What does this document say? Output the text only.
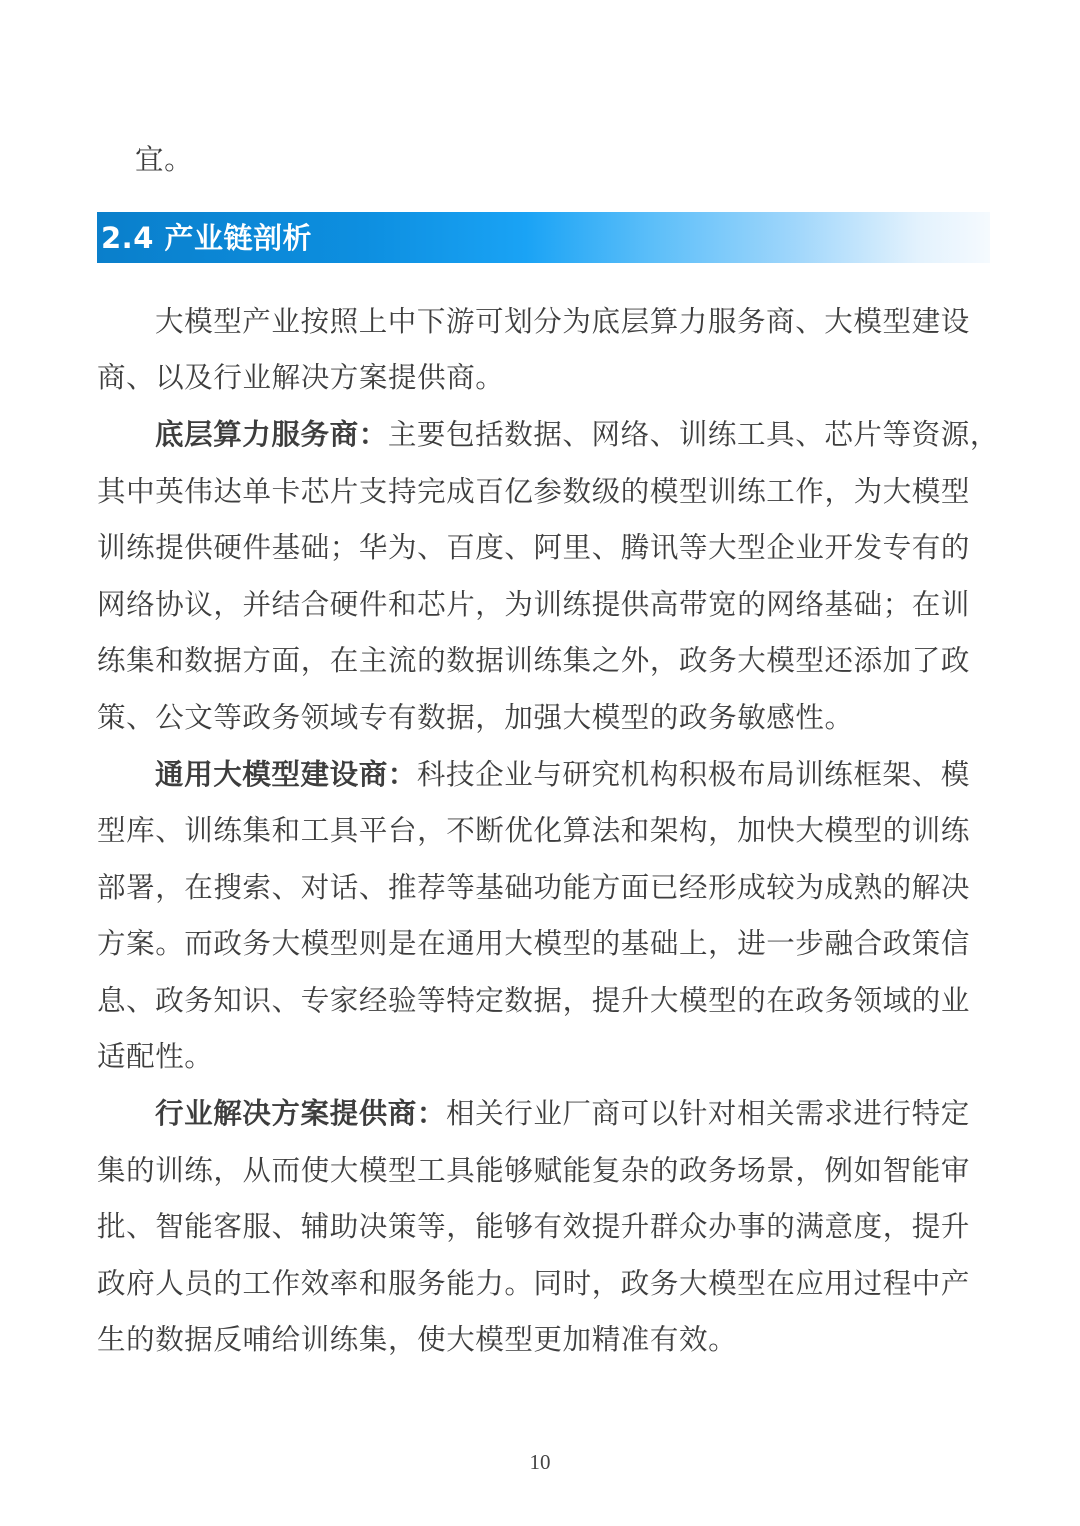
宜。
2.4 产业链剖析
大模型产业按照上中下游可划分为底层算力服务商、大模型建设
商、以及行业解决方案提供商。
底层算力服务商：主要包括数据、网络、训练工具、芯片等资源，
其中英伟达单卡芯片支持完成百亿参数级的模型训练工作，为大模型
训练提供硬件基础；华为、百度、阿里、腾讯等大型企业开发专有的
网络协议，并结合硬件和芯片，为训练提供高带宽的网络基础；在训
练集和数据方面，在主流的数据训练集之外，政务大模型还添加了政
策、公文等政务领域专有数据，加强大模型的政务敏感性。
通用大模型建设商：科技企业与研究机构积极布局训练框架、模
型库、训练集和工具平台，不断优化算法和架构，加快大模型的训练
部署，在搜索、对话、推荐等基础功能方面已经形成较为成熟的解决
方案。而政务大模型则是在通用大模型的基础上，进一步融合政策信
息、政务知识、专家经验等特定数据，提升大模型的在政务领域的业
适配性。
行业解决方案提供商：相关行业厂商可以针对相关需求进行特定
集的训练，从而使大模型工具能够赋能复杂的政务场景，例如智能审
批、智能客服、辅助决策等，能够有效提升群众办事的满意度，提升
政府人员的工作效率和服务能力。同时，政务大模型在应用过程中产
生的数据反哺给训练集，使大模型更加精准有效。
10
